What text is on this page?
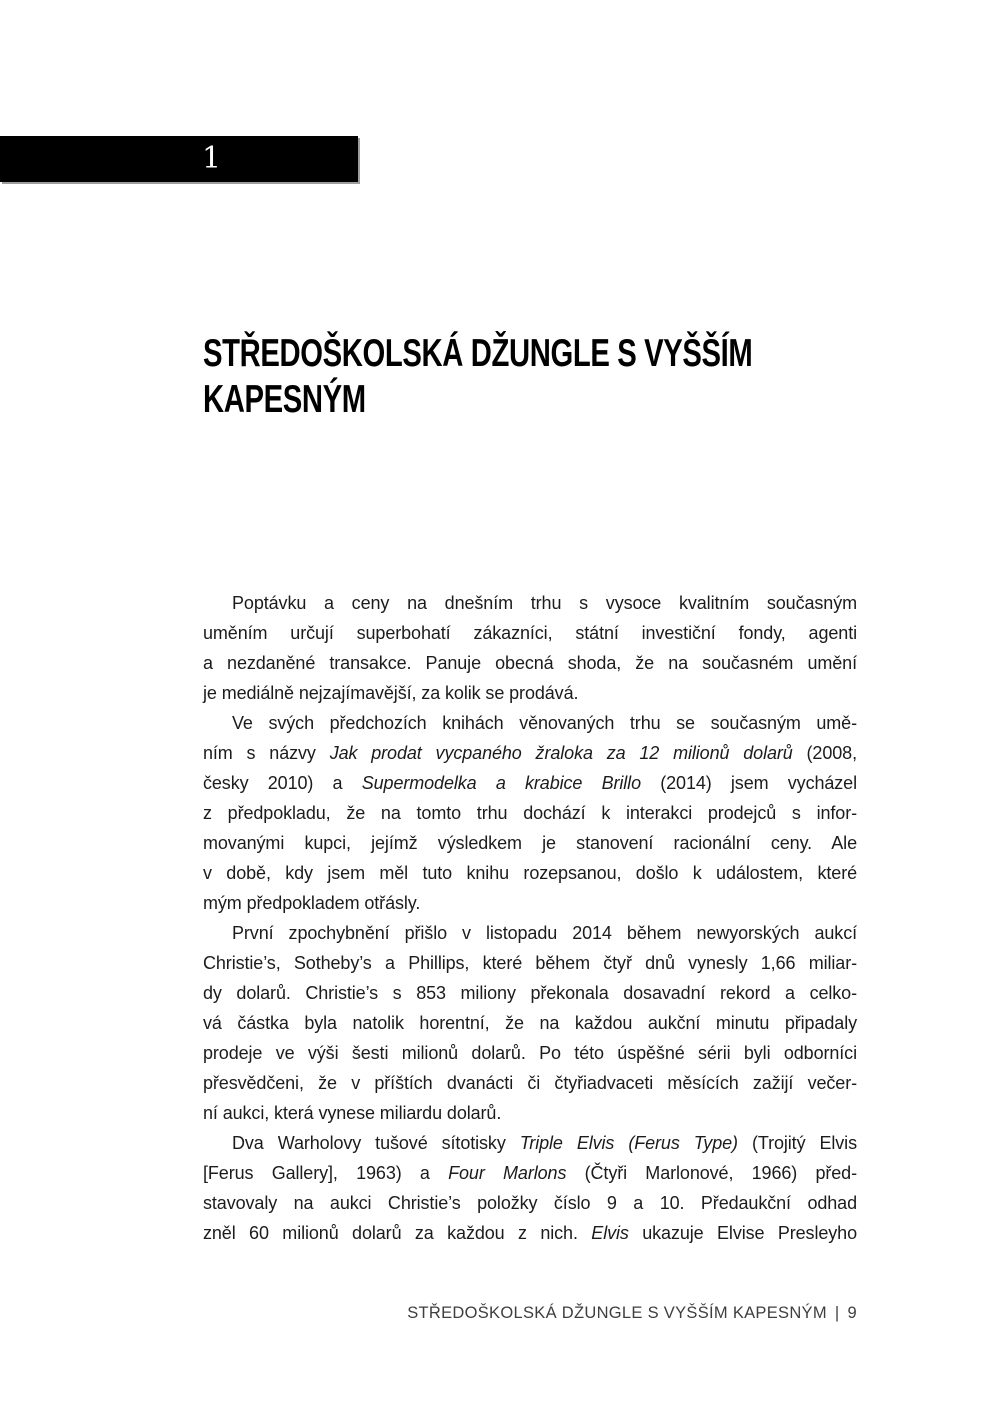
1
STŘEDOŠKOLSKÁ DŽUNGLE S VYŠŠÍM
KAPESNÝM

Poptávku a ceny na dnešním trhu s vysoce kvalitním současným
uměním určují superbohatí zákazníci, státní investiční fondy, agenti
a nezdaněné transakce. Panuje obecná shoda, že na současném umění
je mediálně nejzajímavější, za kolik se prodává.

Ve svých předchozích knihách věnovaných trhu se současným umě-
ním s názvy Jak prodat vycpaného žraloka za 12 milionů dolarů (2008,
česky 2010) a Supermodelka a krabice Brillo (2014) jsem vycházel
z předpokladu, že na tomto trhu dochází k interakci prodejců s infor-
movanými kupci, jejímž výsledkem je stanovení racionální ceny. Ale
v době, kdy jsem měl tuto knihu rozepsanou, došlo k událostem, které
mým předpokladem otřásly.

První zpochybnění přišlo v listopadu 2014 během newyorských aukcí
Christie’s, Sotheby’s a Phillips, které během čtyř dnů vynesly 1,66 miliar-
dy dolarů. Christie’s s 853 miliony překonala dosavadní rekord a celko-
vá částka byla natolik horentní, že na každou aukční minutu připadaly
prodeje ve výši šesti milionů dolarů. Po této úspěšné sérii byli odborníci
přesvědčeni, že v příštích dvanácti či čtyřiadvaceti měsících zažijí večer-
ní aukci, která vynese miliardu dolarů.

Dva Warholovy tušové sítotisky Triple Elvis (Ferus Type) (Trojitý Elvis
[Ferus Gallery], 1963) a Four Marlons (Čtyři Marlonové, 1966) před-
stavovaly na aukci Christie’s položky číslo 9 a 10. Předaukční odhad
zněl 60 milionů dolarů za každou z nich. Elvis ukazuje Elvise Presleyho

STŘEDOŠKOLSKÁ DŽUNGLE S VYŠŠÍM KAPESNÝM | 9
